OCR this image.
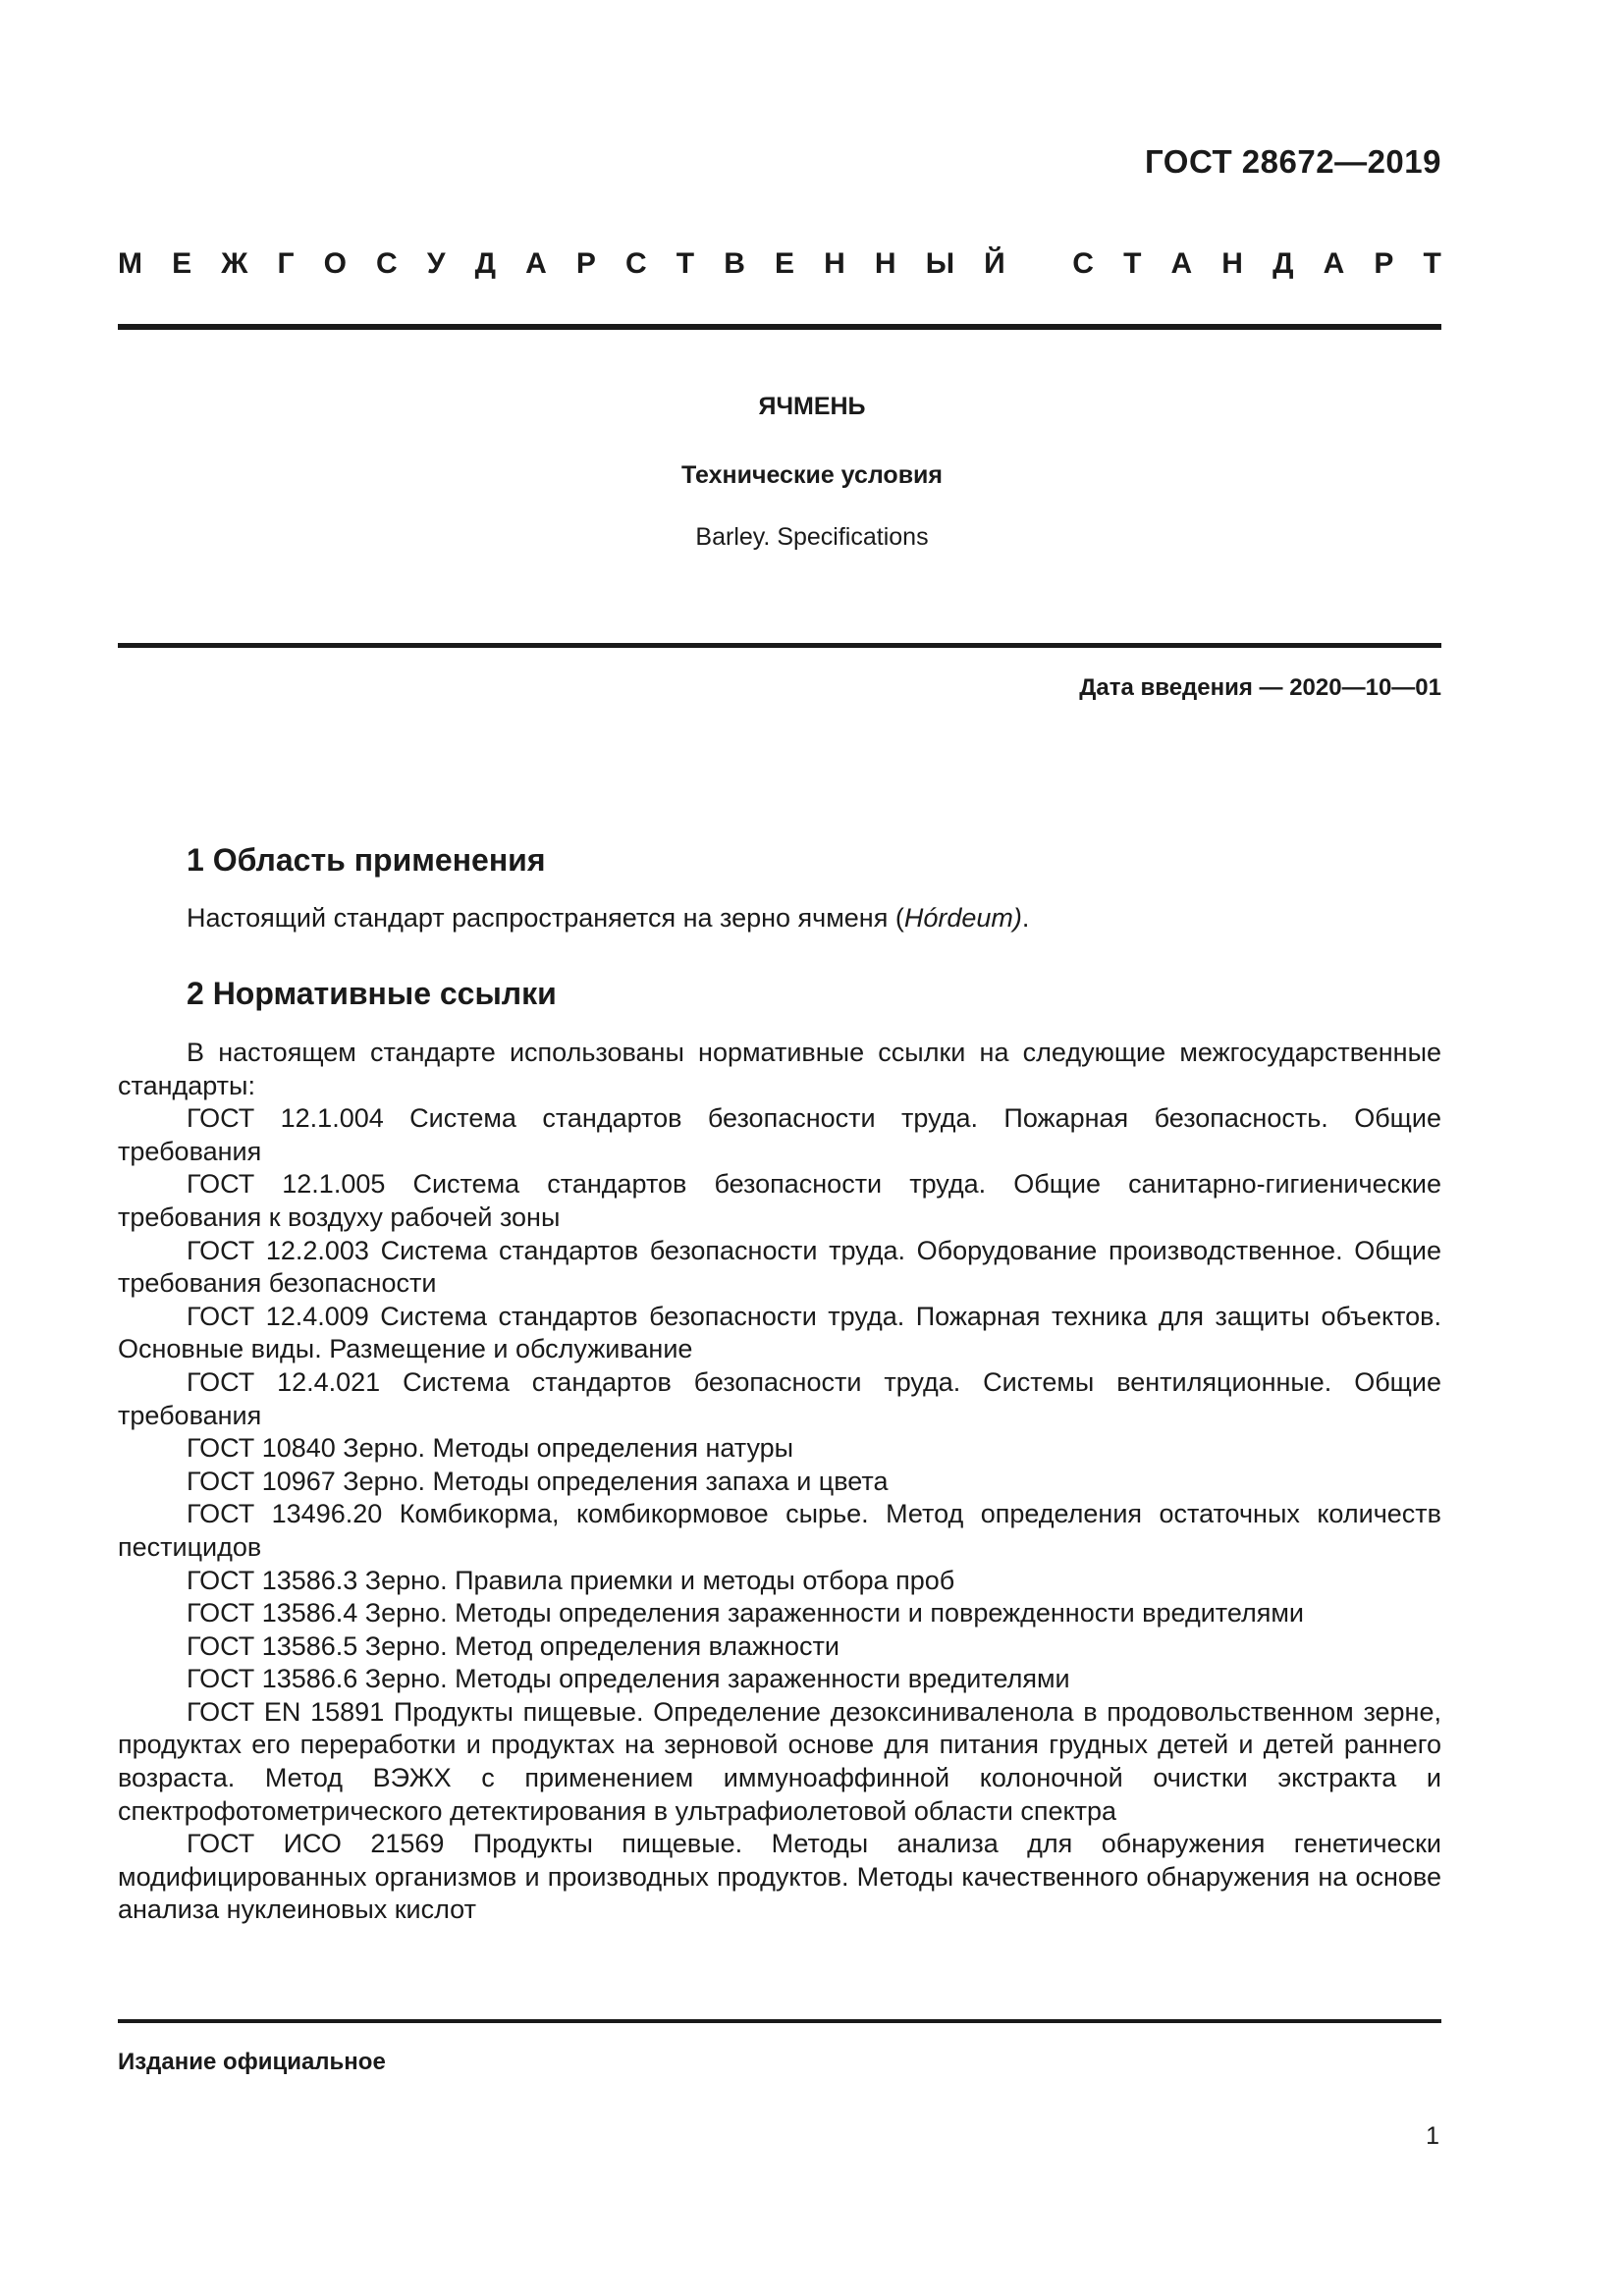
ГОСТ 28672—2019
М Е Ж Г О С У Д А Р С Т В Е Н Н Ы Й
С Т А Н Д А Р Т
ЯЧМЕНЬ
Технические условия
Barley. Specifications
Дата введения — 2020—10—01
1 Область применения
Настоящий стандарт распространяется на зерно ячменя (Hórdeum).
2 Нормативные ссылки

В настоящем стандарте использованы нормативные ссылки на следующие межгосударственные стандарты:

ГОСТ 12.1.004 Система стандартов безопасности труда. Пожарная безопасность. Общие требования

ГОСТ 12.1.005 Система стандартов безопасности труда. Общие санитарно-гигиенические требования к воздуху рабочей зоны

ГОСТ 12.2.003 Система стандартов безопасности труда. Оборудование производственное. Общие требования безопасности

ГОСТ 12.4.009 Система стандартов безопасности труда. Пожарная техника для защиты объектов. Основные виды. Размещение и обслуживание

ГОСТ 12.4.021 Система стандартов безопасности труда. Системы вентиляционные. Общие требования

ГОСТ 10840 Зерно. Методы определения натуры

ГОСТ 10967 Зерно. Методы определения запаха и цвета

ГОСТ 13496.20 Комбикорма, комбикормовое сырье. Метод определения остаточных количеств пестицидов

ГОСТ 13586.3 Зерно. Правила приемки и методы отбора проб

ГОСТ 13586.4 Зерно. Методы определения зараженности и поврежденности вредителями

ГОСТ 13586.5 Зерно. Метод определения влажности

ГОСТ 13586.6 Зерно. Методы определения зараженности вредителями

ГОСТ EN 15891 Продукты пищевые. Определение дезоксиниваленола в продовольственном зерне, продуктах его переработки и продуктах на зерновой основе для питания грудных детей и детей раннего возраста. Метод ВЭЖХ с применением иммуноаффинной колоночной очистки экстракта и спектрофотометрического детектирования в ультрафиолетовой области спектра

ГОСТ ИСО 21569 Продукты пищевые. Методы анализа для обнаружения генетически модифицированных организмов и производных продуктов. Методы качественного обнаружения на основе анализа нуклеиновых кислот

Издание официальное
1
